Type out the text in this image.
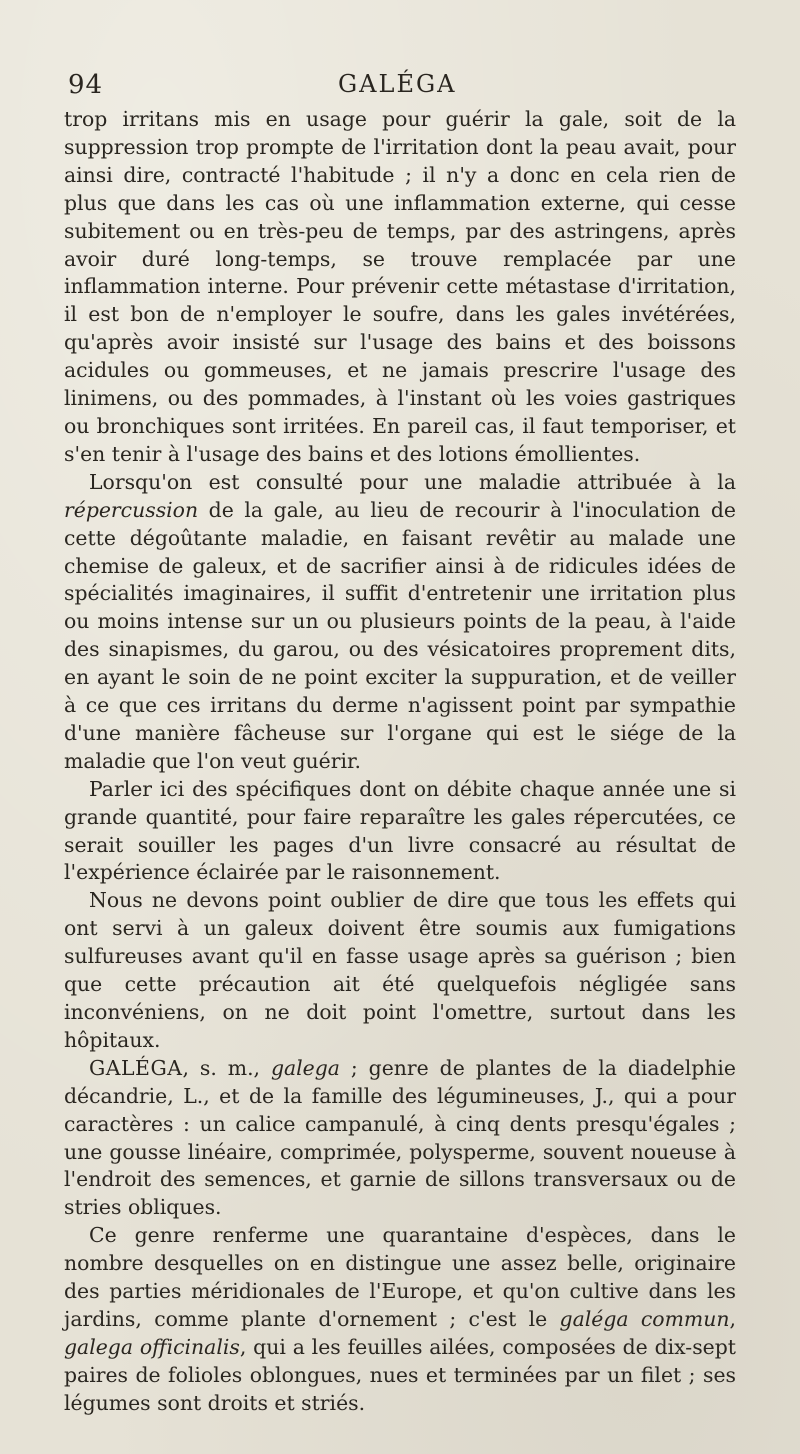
94	GALÉGA

trop irritans mis en usage pour guérir la gale, soit de la suppression trop prompte de l'irritation dont la peau avait, pour ainsi dire, contracté l'habitude ; il n'y a donc en cela rien de plus que dans les cas où une inflammation externe, qui cesse subitement ou en très-peu de temps, par des astringens, après avoir duré long-temps, se trouve remplacée par une inflammation interne. Pour prévenir cette métastase d'irritation, il est bon de n'employer le soufre, dans les gales invétérées, qu'après avoir insisté sur l'usage des bains et des boissons acidules ou gommeuses, et ne jamais prescrire l'usage des linimens, ou des pommades, à l'instant où les voies gastriques ou bronchiques sont irritées. En pareil cas, il faut temporiser, et s'en tenir à l'usage des bains et des lotions émollientes.

Lorsqu'on est consulté pour une maladie attribuée à la répercussion de la gale, au lieu de recourir à l'inoculation de cette dégoûtante maladie, en faisant revêtir au malade une chemise de galeux, et de sacrifier ainsi à de ridicules idées de spécialités imaginaires, il suffit d'entretenir une irritation plus ou moins intense sur un ou plusieurs points de la peau, à l'aide des sinapismes, du garou, ou des vésicatoires proprement dits, en ayant le soin de ne point exciter la suppuration, et de veiller à ce que ces irritans du derme n'agissent point par sympathie d'une manière fâcheuse sur l'organe qui est le siége de la maladie que l'on veut guérir.

Parler ici des spécifiques dont on débite chaque année une si grande quantité, pour faire reparaître les gales répercutées, ce serait souiller les pages d'un livre consacré au résultat de l'expérience éclairée par le raisonnement.

Nous ne devons point oublier de dire que tous les effets qui ont servi à un galeux doivent être soumis aux fumigations sulfureuses avant qu'il en fasse usage après sa guérison ; bien que cette précaution ait été quelquefois négligée sans inconvéniens, on ne doit point l'omettre, surtout dans les hôpitaux.

GALÉGA, s. m., galega ; genre de plantes de la diadelphie décandrie, L., et de la famille des légumineuses, J., qui a pour caractères : un calice campanulé, à cinq dents presqu'égales ; une gousse linéaire, comprimée, polysperme, souvent noueuse à l'endroit des semences, et garnie de sillons transversaux ou de stries obliques.

Ce genre renferme une quarantaine d'espèces, dans le nombre desquelles on en distingue une assez belle, originaire des parties méridionales de l'Europe, et qu'on cultive dans les jardins, comme plante d'ornement ; c'est le galéga commun, galega officinalis, qui a les feuilles ailées, composées de dix-sept paires de folioles oblongues, nues et terminées par un filet ; ses légumes sont droits et striés.
